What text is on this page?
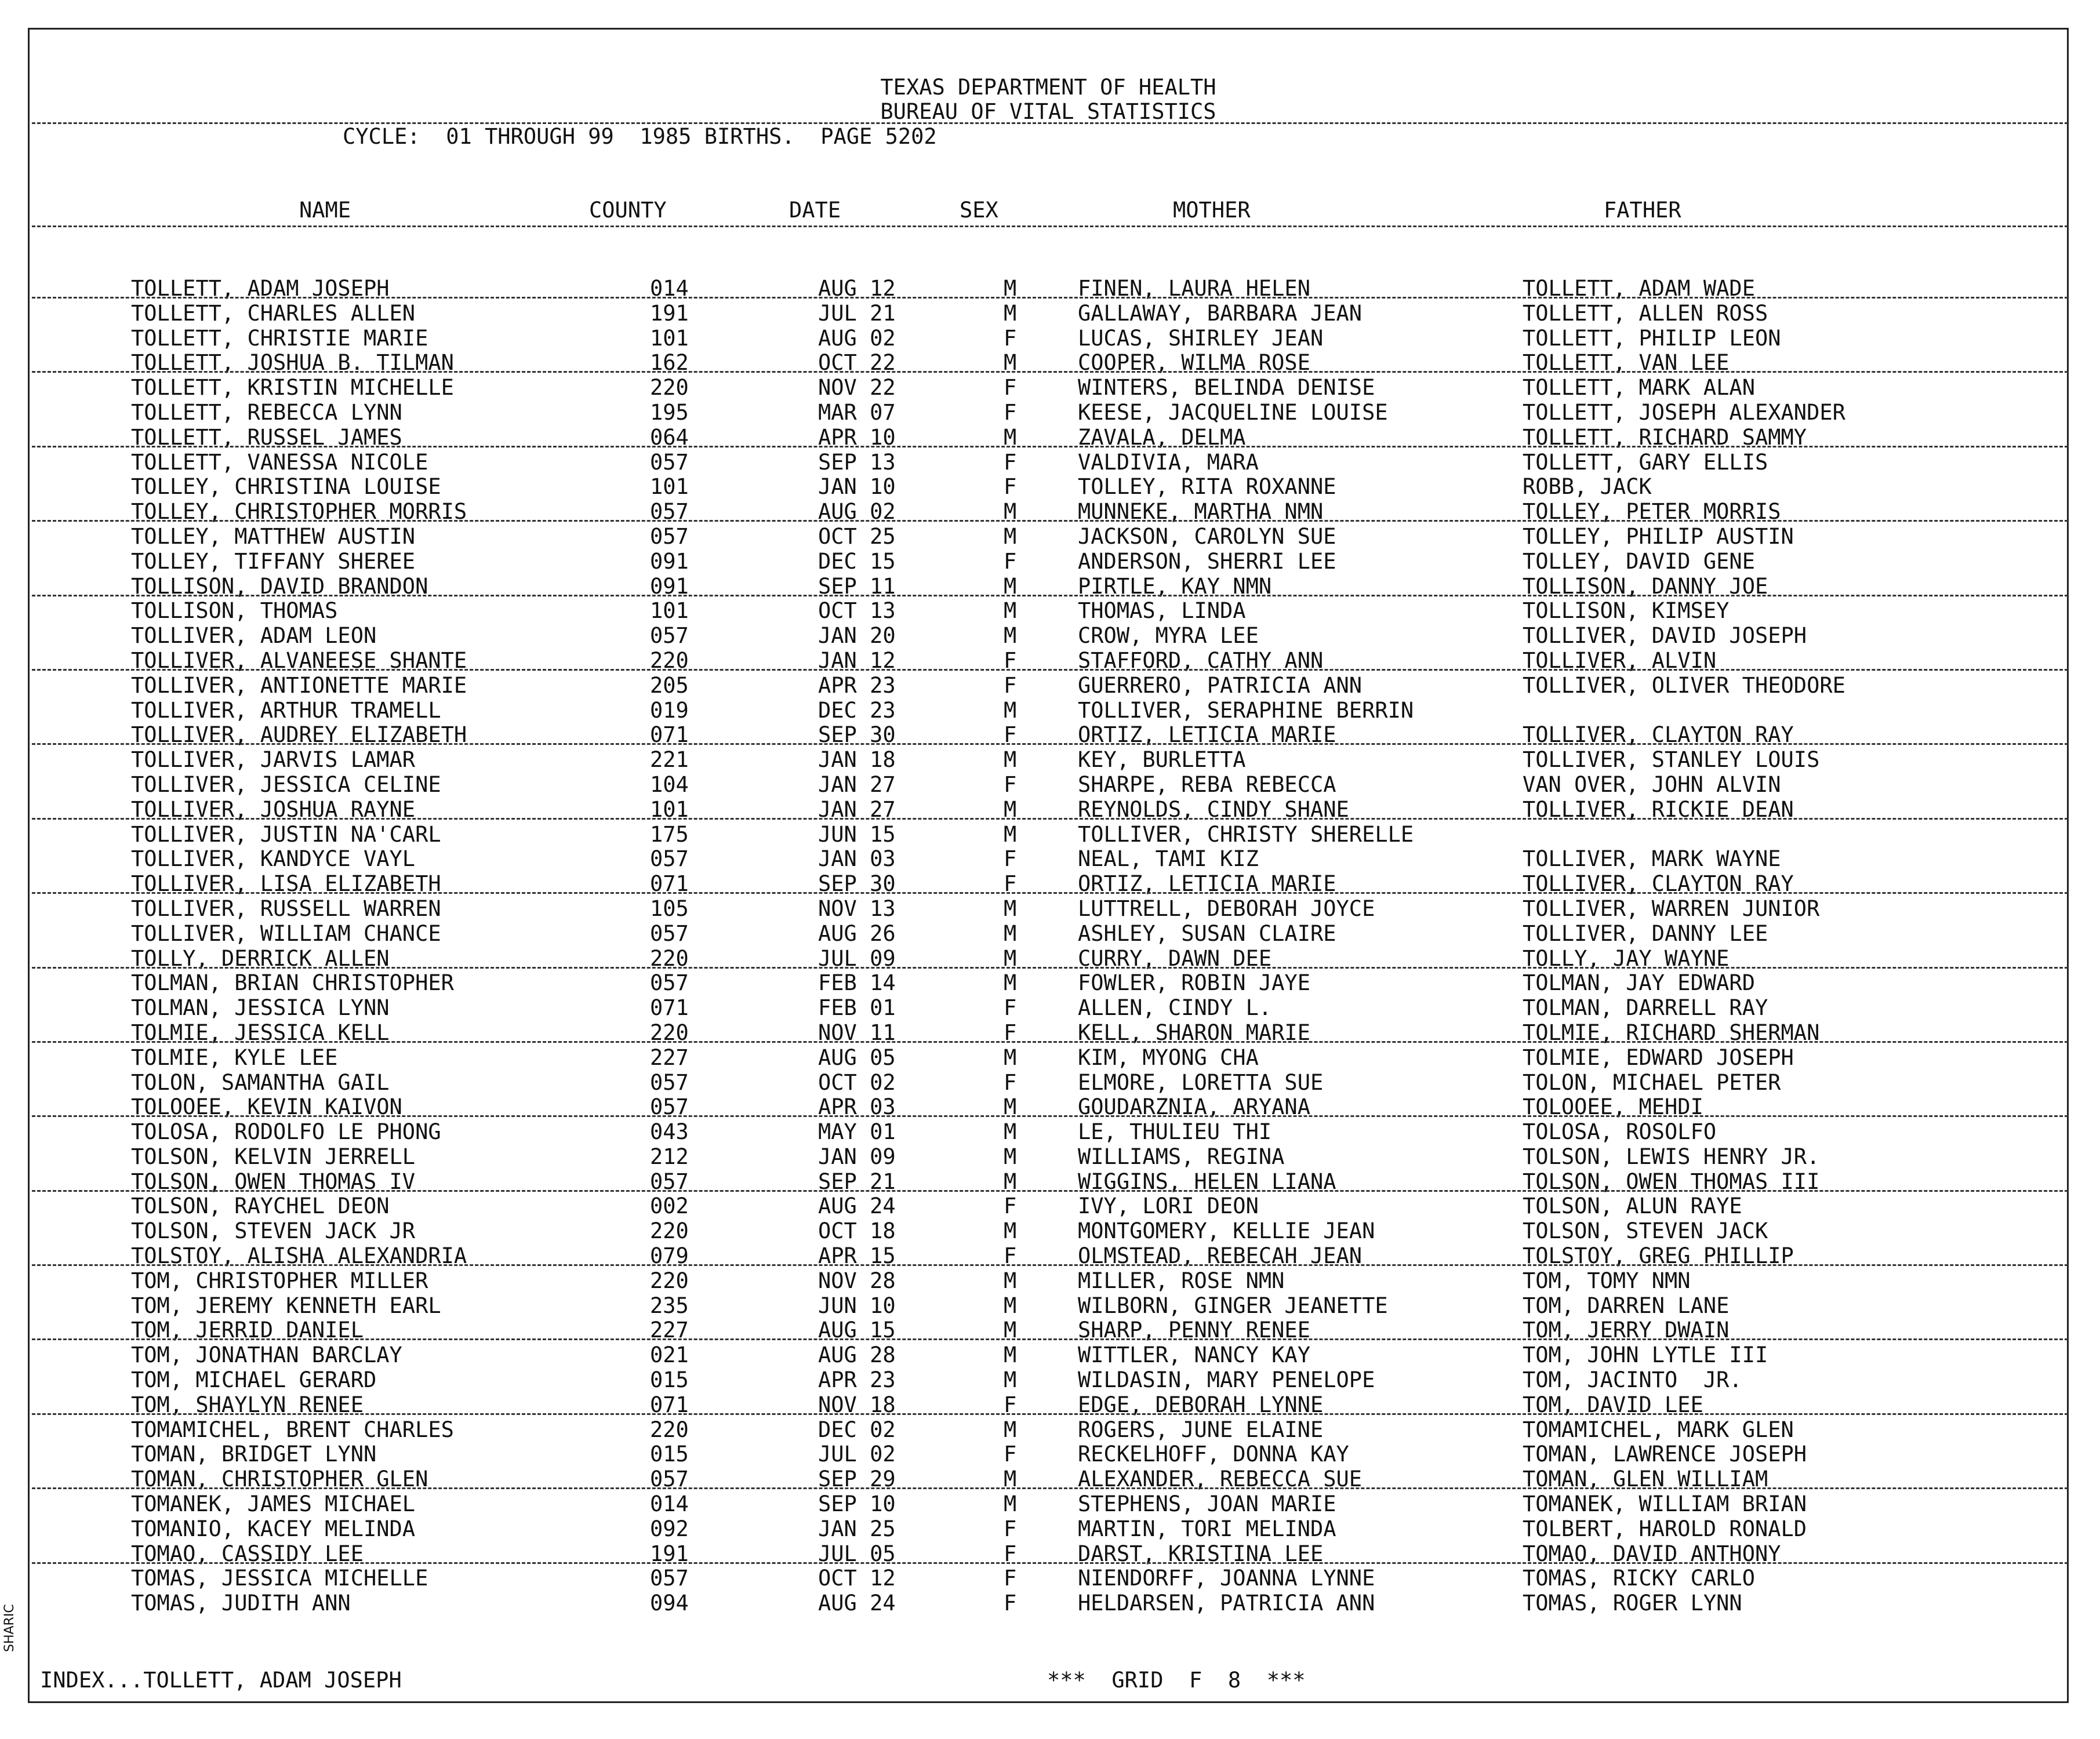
TEXAS DEPARTMENT OF HEALTH
BUREAU OF VITAL STATISTICS
CYCLE:  01 THROUGH 99  1985 BIRTHS.  PAGE 5202
NAME	COUNTY	DATE	SEX	MOTHER	FATHER
TOLLETT, ADAM JOSEPH	014	AUG 12	M	FINEN, LAURA HELEN	TOLLETT, ADAM WADE
TOLLETT, CHARLES ALLEN	191	JUL 21	M	GALLAWAY, BARBARA JEAN	TOLLETT, ALLEN ROSS
TOLLETT, CHRISTIE MARIE	101	AUG 02	F	LUCAS, SHIRLEY JEAN	TOLLETT, PHILIP LEON
TOLLETT, JOSHUA B. TILMAN	162	OCT 22	M	COOPER, WILMA ROSE	TOLLETT, VAN LEE
TOLLETT, KRISTIN MICHELLE	220	NOV 22	F	WINTERS, BELINDA DENISE	TOLLETT, MARK ALAN
TOLLETT, REBECCA LYNN	195	MAR 07	F	KEESE, JACQUELINE LOUISE	TOLLETT, JOSEPH ALEXANDER
TOLLETT, RUSSEL JAMES	064	APR 10	M	ZAVALA, DELMA	TOLLETT, RICHARD SAMMY
TOLLETT, VANESSA NICOLE	057	SEP 13	F	VALDIVIA, MARA	TOLLETT, GARY ELLIS
TOLLEY, CHRISTINA LOUISE	101	JAN 10	F	TOLLEY, RITA ROXANNE	ROBB, JACK
TOLLEY, CHRISTOPHER MORRIS	057	AUG 02	M	MUNNEKE, MARTHA NMN	TOLLEY, PETER MORRIS
TOLLEY, MATTHEW AUSTIN	057	OCT 25	M	JACKSON, CAROLYN SUE	TOLLEY, PHILIP AUSTIN
TOLLEY, TIFFANY SHEREE	091	DEC 15	F	ANDERSON, SHERRI LEE	TOLLEY, DAVID GENE
TOLLISON, DAVID BRANDON	091	SEP 11	M	PIRTLE, KAY NMN	TOLLISON, DANNY JOE
TOLLISON, THOMAS	101	OCT 13	M	THOMAS, LINDA	TOLLISON, KIMSEY
TOLLIVER, ADAM LEON	057	JAN 20	M	CROW, MYRA LEE	TOLLIVER, DAVID JOSEPH
TOLLIVER, ALVANEESE SHANTE	220	JAN 12	F	STAFFORD, CATHY ANN	TOLLIVER, ALVIN
TOLLIVER, ANTIONETTE MARIE	205	APR 23	F	GUERRERO, PATRICIA ANN	TOLLIVER, OLIVER THEODORE
TOLLIVER, ARTHUR TRAMELL	019	DEC 23	M	TOLLIVER, SERAPHINE BERRIN
TOLLIVER, AUDREY ELIZABETH	071	SEP 30	F	ORTIZ, LETICIA MARIE	TOLLIVER, CLAYTON RAY
TOLLIVER, JARVIS LAMAR	221	JAN 18	M	KEY, BURLETTA	TOLLIVER, STANLEY LOUIS
TOLLIVER, JESSICA CELINE	104	JAN 27	F	SHARPE, REBA REBECCA	VAN OVER, JOHN ALVIN
TOLLIVER, JOSHUA RAYNE	101	JAN 27	M	REYNOLDS, CINDY SHANE	TOLLIVER, RICKIE DEAN
TOLLIVER, JUSTIN NA'CARL	175	JUN 15	M	TOLLIVER, CHRISTY SHERELLE
TOLLIVER, KANDYCE VAYL	057	JAN 03	F	NEAL, TAMI KIZ	TOLLIVER, MARK WAYNE
TOLLIVER, LISA ELIZABETH	071	SEP 30	F	ORTIZ, LETICIA MARIE	TOLLIVER, CLAYTON RAY
TOLLIVER, RUSSELL WARREN	105	NOV 13	M	LUTTRELL, DEBORAH JOYCE	TOLLIVER, WARREN JUNIOR
TOLLIVER, WILLIAM CHANCE	057	AUG 26	M	ASHLEY, SUSAN CLAIRE	TOLLIVER, DANNY LEE
TOLLY, DERRICK ALLEN	220	JUL 09	M	CURRY, DAWN DEE	TOLLY, JAY WAYNE
TOLMAN, BRIAN CHRISTOPHER	057	FEB 14	M	FOWLER, ROBIN JAYE	TOLMAN, JAY EDWARD
TOLMAN, JESSICA LYNN	071	FEB 01	F	ALLEN, CINDY L.	TOLMAN, DARRELL RAY
TOLMIE, JESSICA KELL	220	NOV 11	F	KELL, SHARON MARIE	TOLMIE, RICHARD SHERMAN
TOLMIE, KYLE LEE	227	AUG 05	M	KIM, MYONG CHA	TOLMIE, EDWARD JOSEPH
TOLON, SAMANTHA GAIL	057	OCT 02	F	ELMORE, LORETTA SUE	TOLON, MICHAEL PETER
TOLOOEE, KEVIN KAIVON	057	APR 03	M	GOUDARZNIA, ARYANA	TOLOOEE, MEHDI
TOLOSA, RODOLFO LE PHONG	043	MAY 01	M	LE, THULIEU THI	TOLOSA, ROSOLFO
TOLSON, KELVIN JERRELL	212	JAN 09	M	WILLIAMS, REGINA	TOLSON, LEWIS HENRY JR.
TOLSON, OWEN THOMAS IV	057	SEP 21	M	WIGGINS, HELEN LIANA	TOLSON, OWEN THOMAS III
TOLSON, RAYCHEL DEON	002	AUG 24	F	IVY, LORI DEON	TOLSON, ALUN RAYE
TOLSON, STEVEN JACK JR	220	OCT 18	M	MONTGOMERY, KELLIE JEAN	TOLSON, STEVEN JACK
TOLSTOY, ALISHA ALEXANDRIA	079	APR 15	F	OLMSTEAD, REBECAH JEAN	TOLSTOY, GREG PHILLIP
TOM, CHRISTOPHER MILLER	220	NOV 28	M	MILLER, ROSE NMN	TOM, TOMY NMN
TOM, JEREMY KENNETH EARL	235	JUN 10	M	WILBORN, GINGER JEANETTE	TOM, DARREN LANE
TOM, JERRID DANIEL	227	AUG 15	M	SHARP, PENNY RENEE	TOM, JERRY DWAIN
TOM, JONATHAN BARCLAY	021	AUG 28	M	WITTLER, NANCY KAY	TOM, JOHN LYTLE III
TOM, MICHAEL GERARD	015	APR 23	M	WILDASIN, MARY PENELOPE	TOM, JACINTO  JR.
TOM, SHAYLYN RENEE	071	NOV 18	F	EDGE, DEBORAH LYNNE	TOM, DAVID LEE
TOMAMICHEL, BRENT CHARLES	220	DEC 02	M	ROGERS, JUNE ELAINE	TOMAMICHEL, MARK GLEN
TOMAN, BRIDGET LYNN	015	JUL 02	F	RECKELHOFF, DONNA KAY	TOMAN, LAWRENCE JOSEPH
TOMAN, CHRISTOPHER GLEN	057	SEP 29	M	ALEXANDER, REBECCA SUE	TOMAN, GLEN WILLIAM
TOMANEK, JAMES MICHAEL	014	SEP 10	M	STEPHENS, JOAN MARIE	TOMANEK, WILLIAM BRIAN
TOMANIO, KACEY MELINDA	092	JAN 25	F	MARTIN, TORI MELINDA	TOLBERT, HAROLD RONALD
TOMAO, CASSIDY LEE	191	JUL 05	F	DARST, KRISTINA LEE	TOMAO, DAVID ANTHONY
TOMAS, JESSICA MICHELLE	057	OCT 12	F	NIENDORFF, JOANNA LYNNE	TOMAS, RICKY CARLO
TOMAS, JUDITH ANN	094	AUG 24	F	HELDARSEN, PATRICIA ANN	TOMAS, ROGER LYNN
INDEX...TOLLETT, ADAM JOSEPH	***  GRID  F  8  ***
SHARIC
